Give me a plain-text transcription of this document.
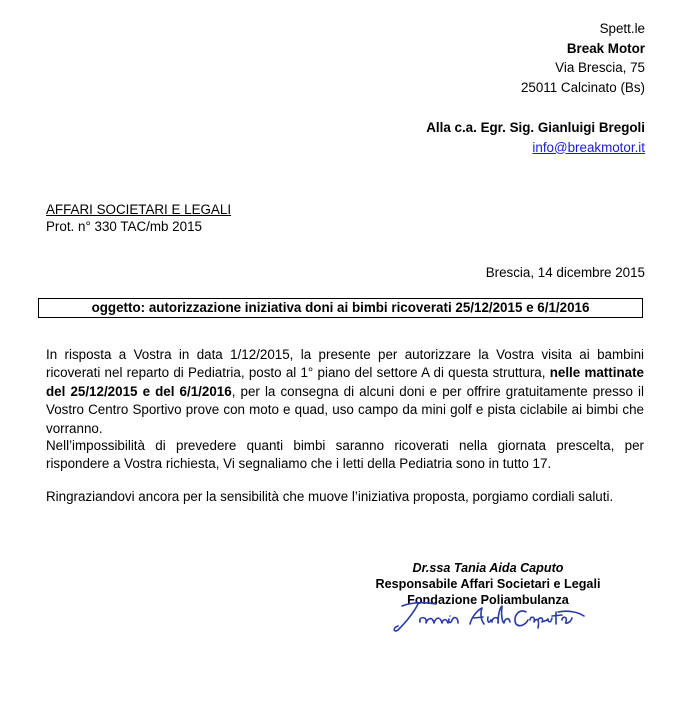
Spett.le
Break Motor
Via Brescia, 75
25011 Calcinato (Bs)
Alla c.a. Egr. Sig. Gianluigi Bregoli
info@breakmotor.it
AFFARI SOCIETARI E LEGALI
Prot. n° 330 TAC/mb 2015
Brescia, 14 dicembre 2015
oggetto: autorizzazione iniziativa doni ai bimbi ricoverati 25/12/2015 e 6/1/2016
In risposta a Vostra in data 1/12/2015, la presente per autorizzare la Vostra visita ai bambini ricoverati nel reparto di Pediatria, posto al 1° piano del settore A di questa struttura, nelle mattinate del 25/12/2015 e del 6/1/2016, per la consegna di alcuni doni e per offrire gratuitamente presso il Vostro Centro Sportivo prove con moto e quad, uso campo da mini golf e pista ciclabile ai bimbi che vorranno.
Nell’impossibilità di prevedere quanti bimbi saranno ricoverati nella giornata prescelta, per rispondere a Vostra richiesta, Vi segnaliamo che i letti della Pediatria sono in tutto 17.
Ringraziandovi ancora per la sensibilità che muove l’iniziativa proposta, porgiamo cordiali saluti.
Dr.ssa Tania Aida Caputo
Responsabile Affari Societari e Legali
Fondazione Poliambulanza
